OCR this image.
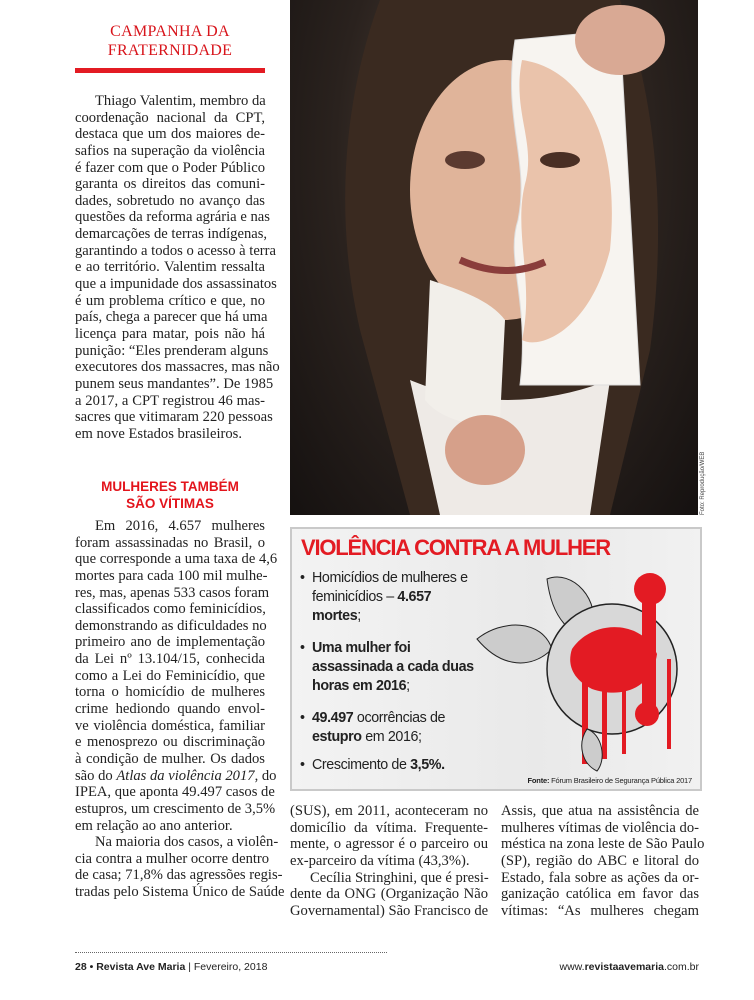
CAMPANHA DA
FRATERNIDADE
Thiago Valentim, membro da
coordenação nacional da CPT,
destaca que um dos maiores de-
safios na superação da violência
é fazer com que o Poder Público
garanta os direitos das comuni-
dades, sobretudo no avanço das
questões da reforma agrária e nas
demarcações de terras indígenas,
garantindo a todos o acesso à terra
e ao território. Valentim ressalta
que a impunidade dos assassinatos
é um problema crítico e que, no
país, chega a parecer que há uma
licença para matar, pois não há
punição: “Eles prenderam alguns
executores dos massacres, mas não
punem seus mandantes”. De 1985
a 2017, a CPT registrou 46 mas-
sacres que vitimaram 220 pessoas
em nove Estados brasileiros.
MULHERES TAMBÉM
SÃO VÍTIMAS
Em 2016, 4.657 mulheres
foram assassinadas no Brasil, o
que corresponde a uma taxa de 4,6
mortes para cada 100 mil mulhe-
res, mas, apenas 533 casos foram
classificados como feminicídios,
demonstrando as dificuldades no
primeiro ano de implementação
da Lei nº 13.104/15, conhecida
como a Lei do Feminicídio, que
torna o homicídio de mulheres
crime hediondo quando envol-
ve violência doméstica, familiar
e menosprezo ou discriminação
à condição de mulher. Os dados
são do Atlas da violência 2017, do
IPEA, que aponta 49.497 casos de
estupros, um crescimento de 3,5%
em relação ao ano anterior.
Na maioria dos casos, a violên-
cia contra a mulher ocorre dentro
de casa; 71,8% das agressões regis-
tradas pelo Sistema Único de Saúde
(SUS), em 2011, aconteceram no
domicílio da vítima. Frequente-
mente, o agressor é o parceiro ou
ex-parceiro da vítima (43,3%).
Cecília Stringhini, que é presi-
dente da ONG (Organização Não
Governamental) São Francisco de
Assis, que atua na assistência de
mulheres vítimas de violência do-
méstica na zona leste de São Paulo
(SP), região do ABC e litoral do
Estado, fala sobre as ações da or-
ganização católica em favor das
vítimas: “As mulheres chegam
Foto: Reprodução/WEB
VIOLÊNCIA CONTRA A MULHER
• Homicídios de mulheres e
feminicídios – 4.657
mortes;
• Uma mulher foi
assassinada a cada duas
horas em 2016;
• 49.497 ocorrências de
estupro em 2016;
• Crescimento de 3,5%.
Fonte: Fórum Brasileiro de Segurança Pública 2017
28 • Revista Ave Maria | Fevereiro, 2018	www.revistaavemaria.com.br
